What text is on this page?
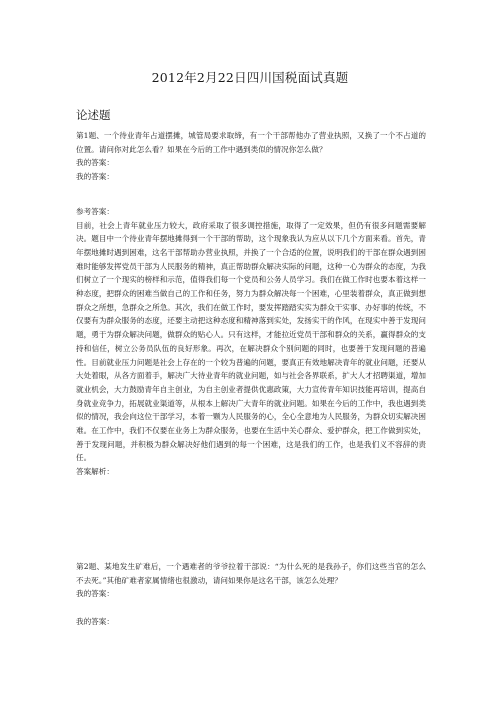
2012年2月22日四川国税面试真题
论述题

第1题、一个待业青年占道摆摊，城管局要求取缔，有一个干部帮他办了营业执照，又换了一个不占道的位置。请问你对此怎么看？如果在今后的工作中遇到类似的情况你怎么做？

我的答案：

我的答案：

参考答案：

目前，社会上青年就业压力较大，政府采取了很多调控措施，取得了一定效果，但仍有很多问题需要解决。题目中一个待业青年摆地摊得到一个干部的帮助，这个现象我认为应从以下几个方面来看。首先，青年摆地摊时遇到困难，这名干部帮助办营业执照，并换了一个合适的位置，说明我们的干部在群众遇到困难时能够发挥党员干部为人民服务的精神，真正帮助群众解决实际的问题，这种一心为群众的态度，为我们树立了一个现实的榜样和示范，值得我们每一个党员和公务人员学习。我们在做工作时也要本着这样一种态度，把群众的困难当做自己的工作和任务，努力为群众解决每一个困难，心里装着群众，真正做到想群众之所想，急群众之所急。其次，我们在做工作时，要发挥踏踏实实为群众干实事、办好事的传统，不仅要有为群众服务的态度，还要主动把这种态度和精神落到实处，发扬实干的作风，在现实中善于发现问题，勇于为群众解决问题，做群众的贴心人。只有这样，才能拉近党员干部和群众的关系，赢得群众的支持和信任，树立公务员队伍的良好形象。再次，在解决群众个别问题的同时，也要善于发现问题的普遍性。目前就业压力问题是社会上存在的一个较为普遍的问题，要真正有效地解决青年的就业问题，还要从大处着眼，从各方面着手，解决广大待业青年的就业问题，如与社会各界联系，扩大人才招聘渠道，增加就业机会，大力鼓励青年自主创业，为自主创业者提供优惠政策，大力宣传青年知识技能再培训，提高自身就业竞争力，拓展就业渠道等，从根本上解决广大青年的就业问题。如果在今后的工作中，我也遇到类似的情况，我会向这位干部学习，本着一颗为人民服务的心，全心全意地为人民服务，为群众切实解决困难。在工作中，我们不仅要在业务上为群众服务，也要在生活中关心群众、爱护群众，把工作做到实处，善于发现问题，并积极为群众解决好他们遇到的每一个困难，这是我们的工作，也是我们义不容辞的责任。

答案解析：

第2题、某地发生矿难后，一个遇难者的爷爷拉着干部说：“为什么死的是我孙子，你们这些当官的怎么不去死。”其他矿难者家属情绪也很激动，请问如果你是这名干部，该怎么处理？

我的答案：

我的答案：
